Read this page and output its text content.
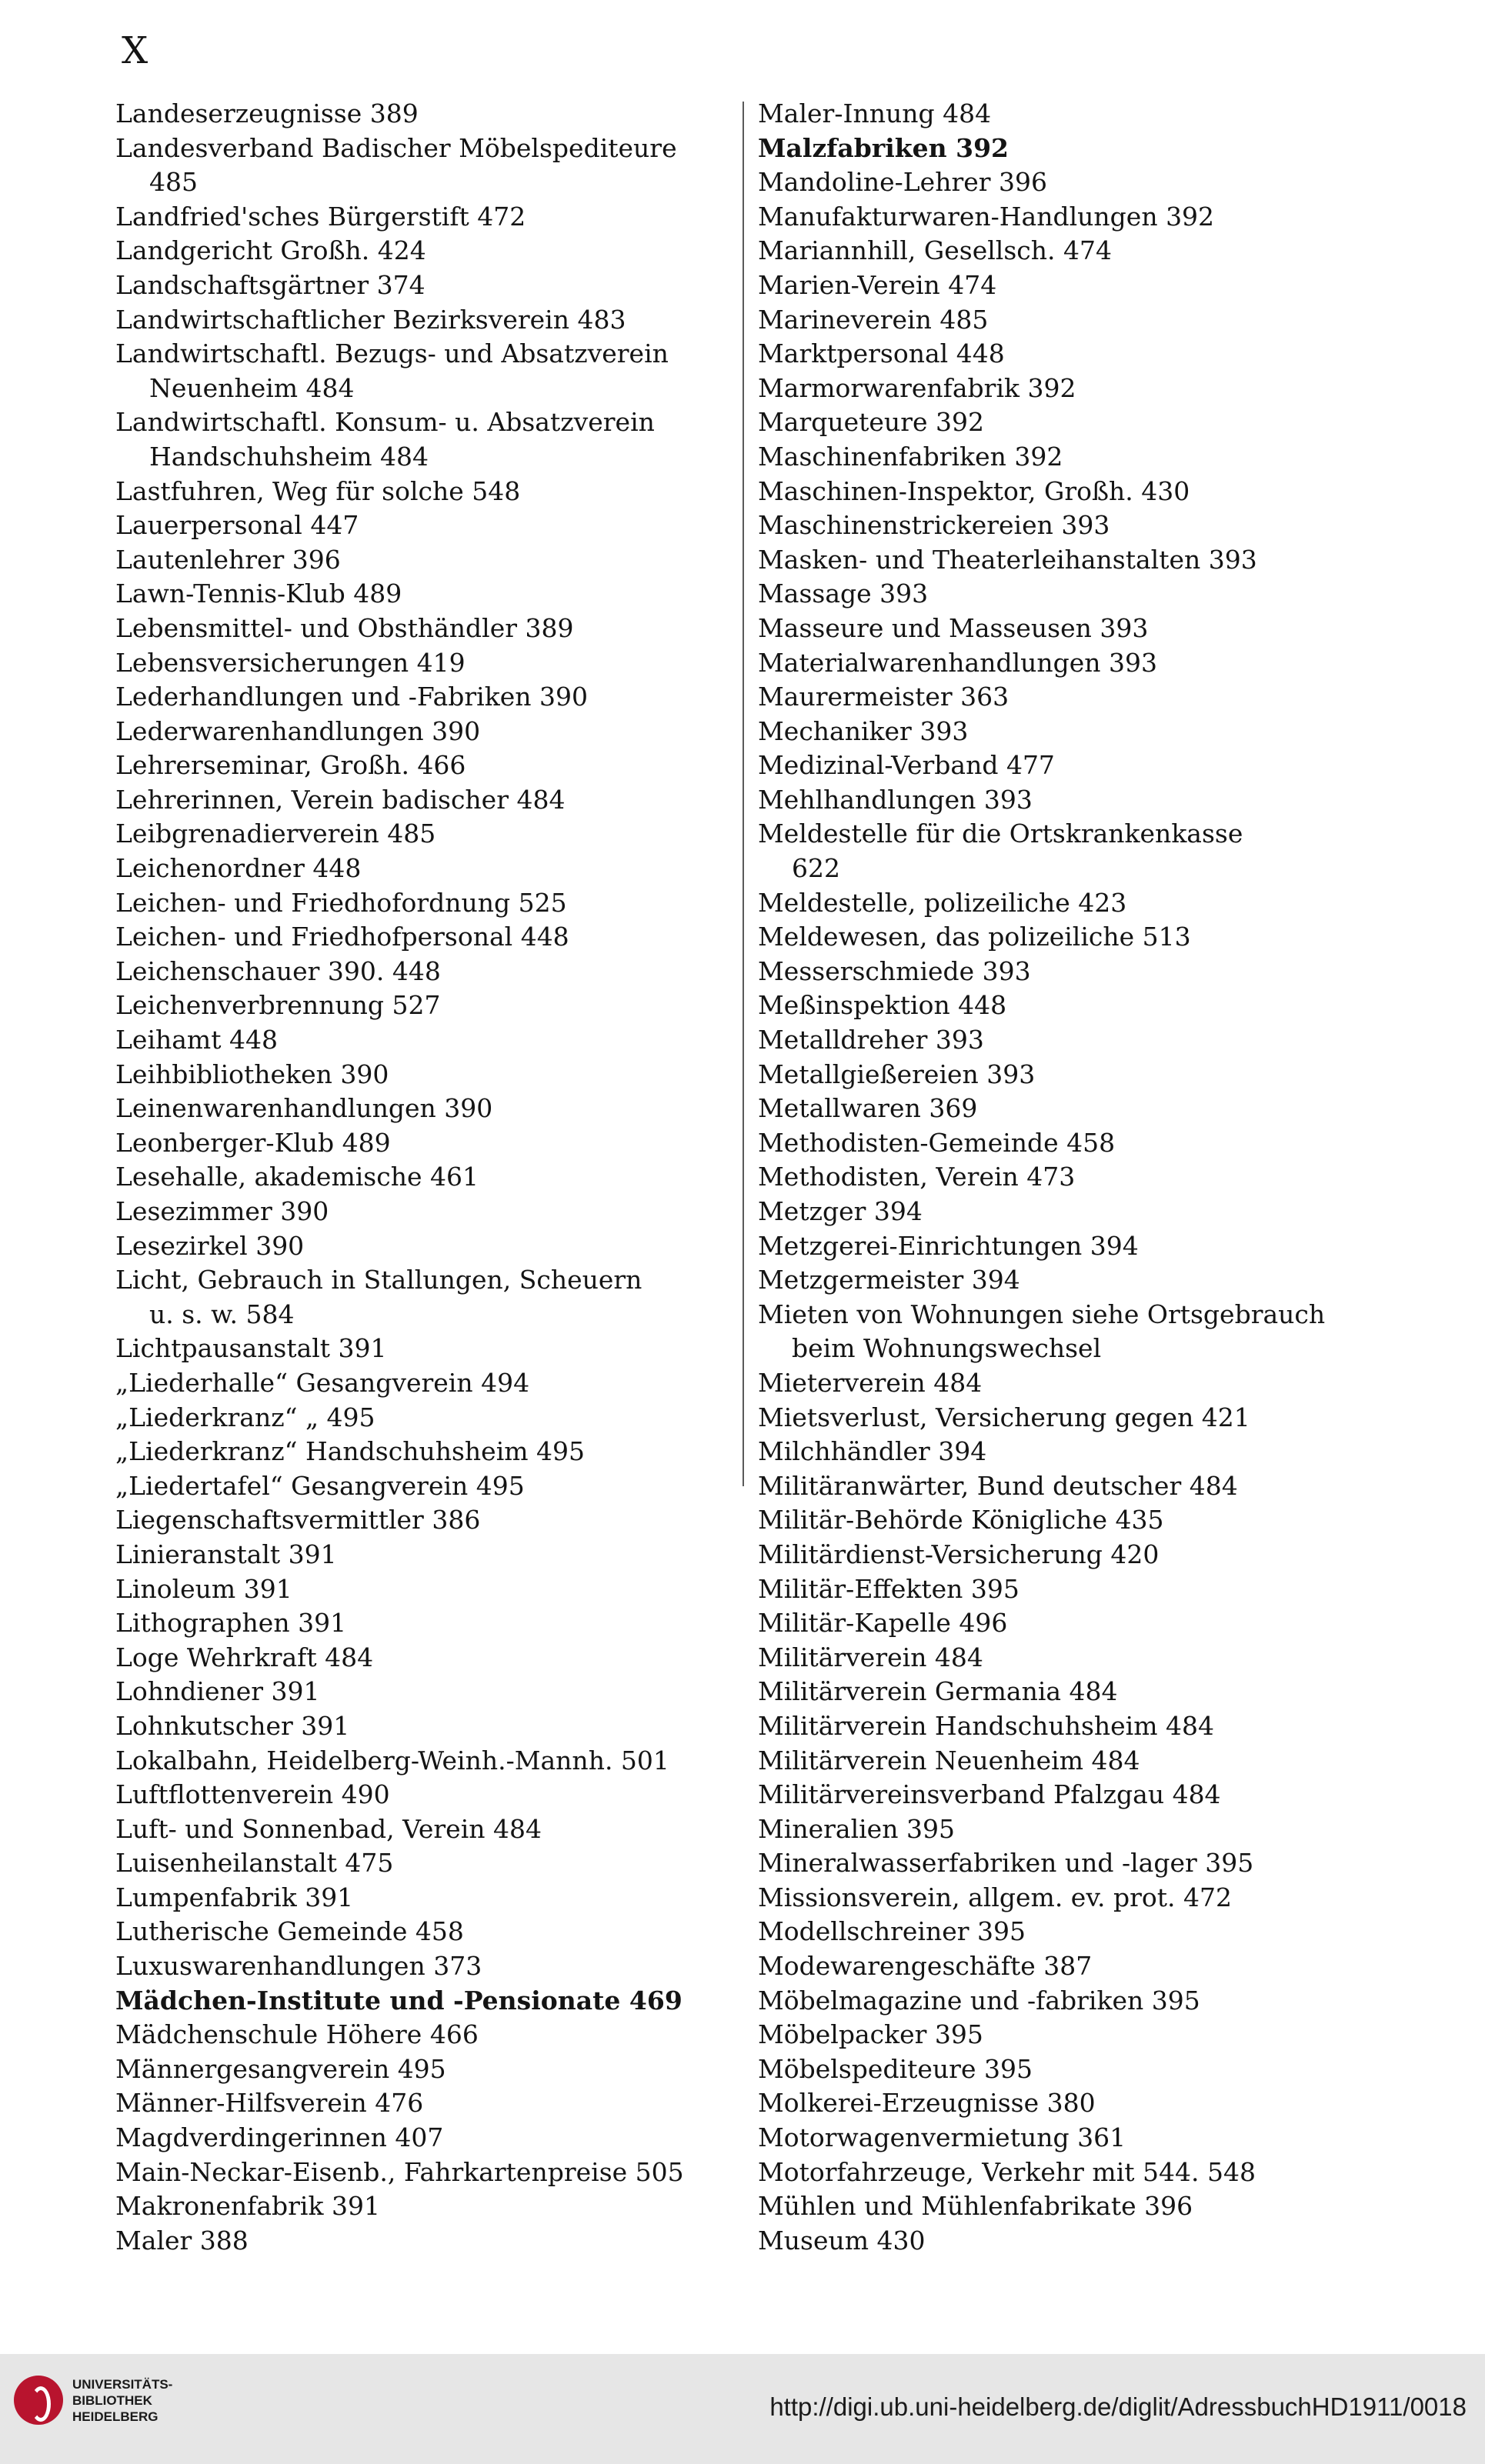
X
Landeserzeugnisse 389
Landesverband Badischer Möbelspediteure
485
Landfried'sches Bürgerstift 472
Landgericht Großh. 424
Landschaftsgärtner 374
Landwirtschaftlicher Bezirksverein 483
Landwirtschaftl. Bezugs- und Absatzverein
Neuenheim 484
Landwirtschaftl. Konsum- u. Absatzverein
Handschuhsheim 484
Lastfuhren, Weg für solche 548
Lauerpersonal 447
Lautenlehrer 396
Lawn-Tennis-Klub 489
Lebensmittel- und Obsthändler 389
Lebensversicherungen 419
Lederhandlungen und -Fabriken 390
Lederwarenhandlungen 390
Lehrerseminar, Großh. 466
Lehrerinnen, Verein badischer 484
Leibgrenadierverein 485
Leichenordner 448
Leichen- und Friedhofordnung 525
Leichen- und Friedhofpersonal 448
Leichenschauer 390. 448
Leichenverbrennung 527
Leihamt 448
Leihbibliotheken 390
Leinenwarenhandlungen 390
Leonberger-Klub 489
Lesehalle, akademische 461
Lesezimmer 390
Lesezirkel 390
Licht, Gebrauch in Stallungen, Scheuern
u. s. w. 584
Lichtpausanstalt 391
„Liederhalle“ Gesangverein 494
„Liederkranz“ „ 495
„Liederkranz“ Handschuhsheim 495
„Liedertafel“ Gesangverein 495
Liegenschaftsvermittler 386
Linieranstalt 391
Linoleum 391
Lithographen 391
Loge Wehrkraft 484
Lohndiener 391
Lohnkutscher 391
Lokalbahn, Heidelberg-Weinh.-Mannh. 501
Luftflottenverein 490
Luft- und Sonnenbad, Verein 484
Luisenheilanstalt 475
Lumpenfabrik 391
Lutherische Gemeinde 458
Luxuswarenhandlungen 373
Mädchen-Institute und -Pensionate 469
Mädchenschule Höhere 466
Männergesangverein 495
Männer-Hilfsverein 476
Magdverdingerinnen 407
Main-Neckar-Eisenb., Fahrkartenpreise 505
Makronenfabrik 391
Maler 388
Maler-Innung 484
Malzfabriken 392
Mandoline-Lehrer 396
Manufakturwaren-Handlungen 392
Mariannhill, Gesellsch. 474
Marien-Verein 474
Marineverein 485
Marktpersonal 448
Marmorwarenfabrik 392
Marqueteure 392
Maschinenfabriken 392
Maschinen-Inspektor, Großh. 430
Maschinenstrickereien 393
Masken- und Theaterleihanstalten 393
Massage 393
Masseure und Masseusen 393
Materialwarenhandlungen 393
Maurermeister 363
Mechaniker 393
Medizinal-Verband 477
Mehlhandlungen 393
Meldestelle für die Ortskrankenkasse
622
Meldestelle, polizeiliche 423
Meldewesen, das polizeiliche 513
Messerschmiede 393
Meßinspektion 448
Metalldreher 393
Metallgießereien 393
Metallwaren 369
Methodisten-Gemeinde 458
Methodisten, Verein 473
Metzger 394
Metzgerei-Einrichtungen 394
Metzgermeister 394
Mieten von Wohnungen siehe Ortsgebrauch
beim Wohnungswechsel
Mieterverein 484
Mietsverlust, Versicherung gegen 421
Milchhändler 394
Militäranwärter, Bund deutscher 484
Militär-Behörde Königliche 435
Militärdienst-Versicherung 420
Militär-Effekten 395
Militär-Kapelle 496
Militärverein 484
Militärverein Germania 484
Militärverein Handschuhsheim 484
Militärverein Neuenheim 484
Militärvereinsverband Pfalzgau 484
Mineralien 395
Mineralwasserfabriken und -lager 395
Missionsverein, allgem. ev. prot. 472
Modellschreiner 395
Modewarengeschäfte 387
Möbelmagazine und -fabriken 395
Möbelpacker 395
Möbelspediteure 395
Molkerei-Erzeugnisse 380
Motorwagenvermietung 361
Motorfahrzeuge, Verkehr mit 544. 548
Mühlen und Mühlenfabrikate 396
Museum 430
UNIVERSITÄTS-
BIBLIOTHEK
HEIDELBERG	http://digi.ub.uni-heidelberg.de/diglit/AdressbuchHD1911/0018
